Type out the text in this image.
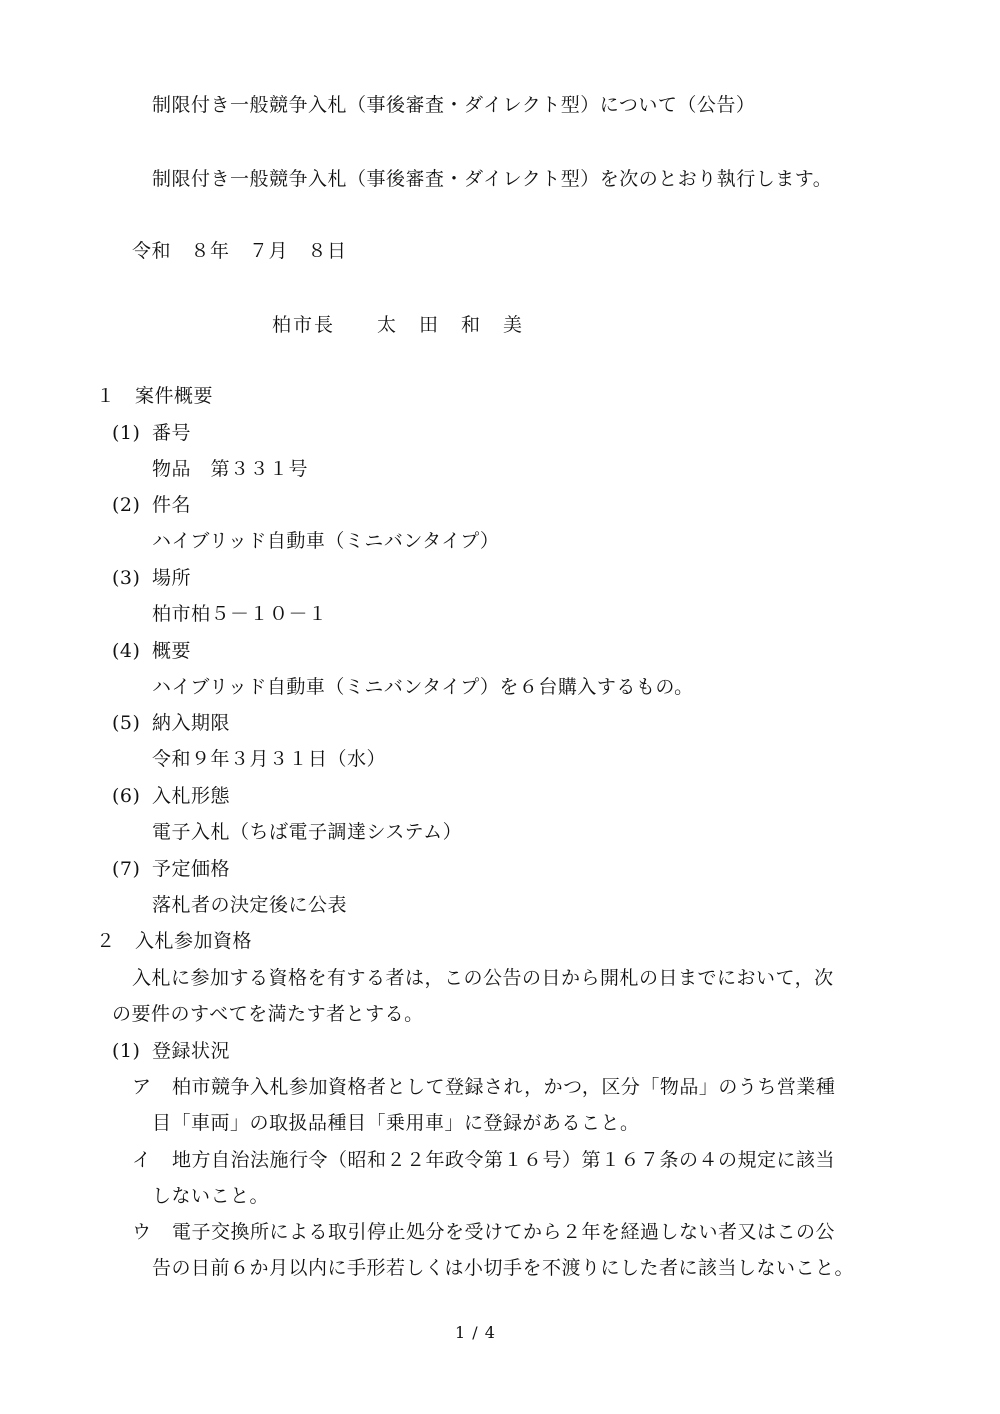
制限付き一般競争入札（事後審査・ダイレクト型）について（公告）
制限付き一般競争入札（事後審査・ダイレクト型）を次のとおり執行します。
令和　８年　７月　８日
柏市長　　太　田　和　美
１　案件概要
(1) 番号
物品　第３３１号
(2) 件名
ハイブリッド自動車（ミニバンタイプ）
(3) 場所
柏市柏５－１０－１
(4) 概要
ハイブリッド自動車（ミニバンタイプ）を６台購入するもの。
(5) 納入期限
令和９年３月３１日（水）
(6) 入札形態
電子入札（ちば電子調達システム）
(7) 予定価格
落札者の決定後に公表
２　入札参加資格
入札に参加する資格を有する者は，この公告の日から開札の日までにおいて，次
の要件のすべてを満たす者とする。
(1) 登録状況
ア 柏市競争入札参加資格者として登録され，かつ，区分「物品」のうち営業種
目「車両」の取扱品種目「乗用車」に登録があること。
イ 地方自治法施行令（昭和２２年政令第１６号）第１６７条の４の規定に該当
しないこと。
ウ 電子交換所による取引停止処分を受けてから２年を経過しない者又はこの公
告の日前６か月以内に手形若しくは小切手を不渡りにした者に該当しないこと。
1 / 4
